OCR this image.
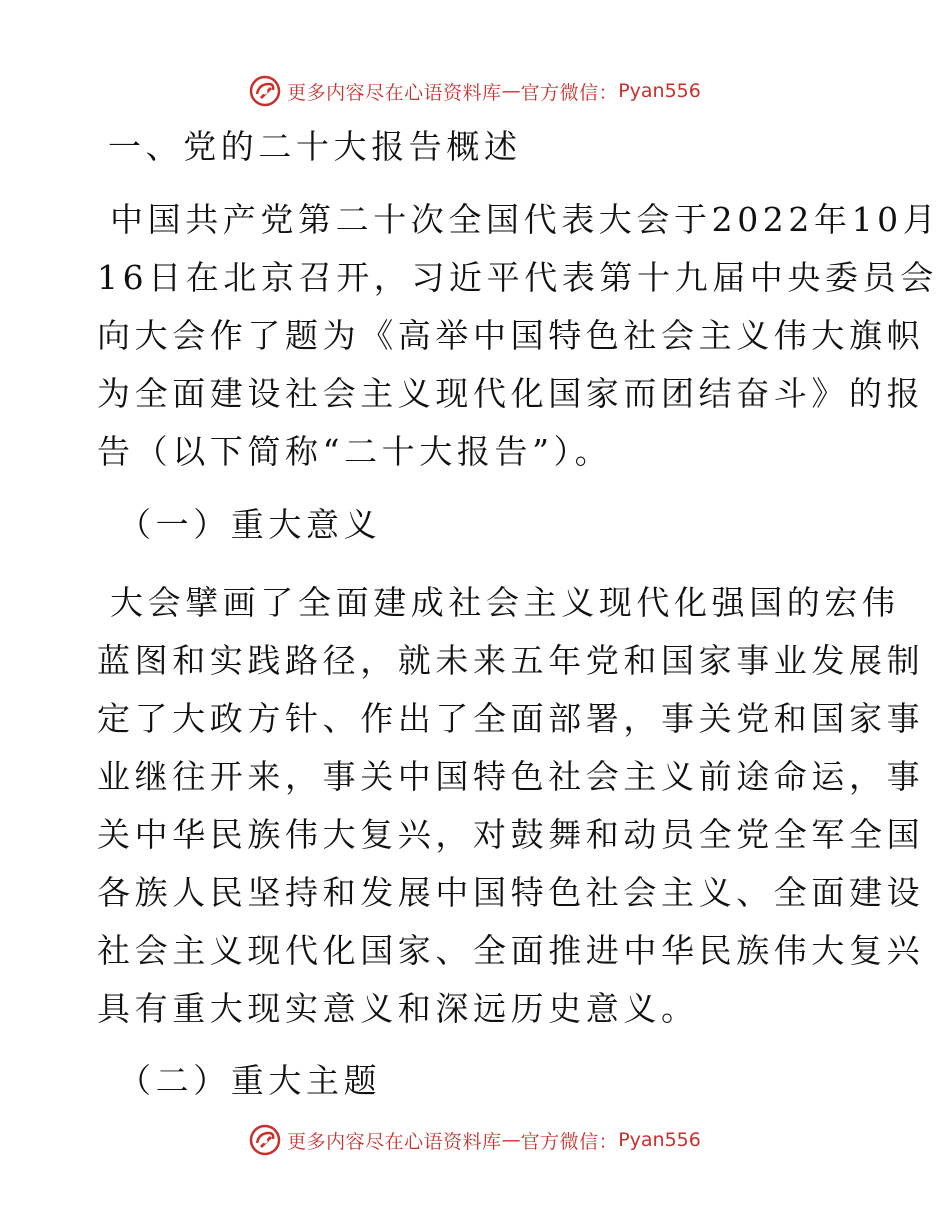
更多内容尽在心语资料库 — 官方微信： Pyan556
一、党的二十大报告概述
中国共产党第二十次全国代表大会于2022年10月
16日在北京召开，习近平代表第十九届中央委员会
向大会作了题为《高举中国特色社会主义伟大旗帜
为全面建设社会主义现代化国家而团结奋斗》的报
告（以下简称“二十大报告”）。
（一）重大意义
大会擘画了全面建成社会主义现代化强国的宏伟
蓝图和实践路径，就未来五年党和国家事业发展制
定了大政方针、作出了全面部署，事关党和国家事
业继往开来，事关中国特色社会主义前途命运，事
关中华民族伟大复兴，对鼓舞和动员全党全军全国
各族人民坚持和发展中国特色社会主义、全面建设
社会主义现代化国家、全面推进中华民族伟大复兴
具有重大现实意义和深远历史意义。
（二）重大主题
更多内容尽在心语资料库 — 官方微信： Pyan556
